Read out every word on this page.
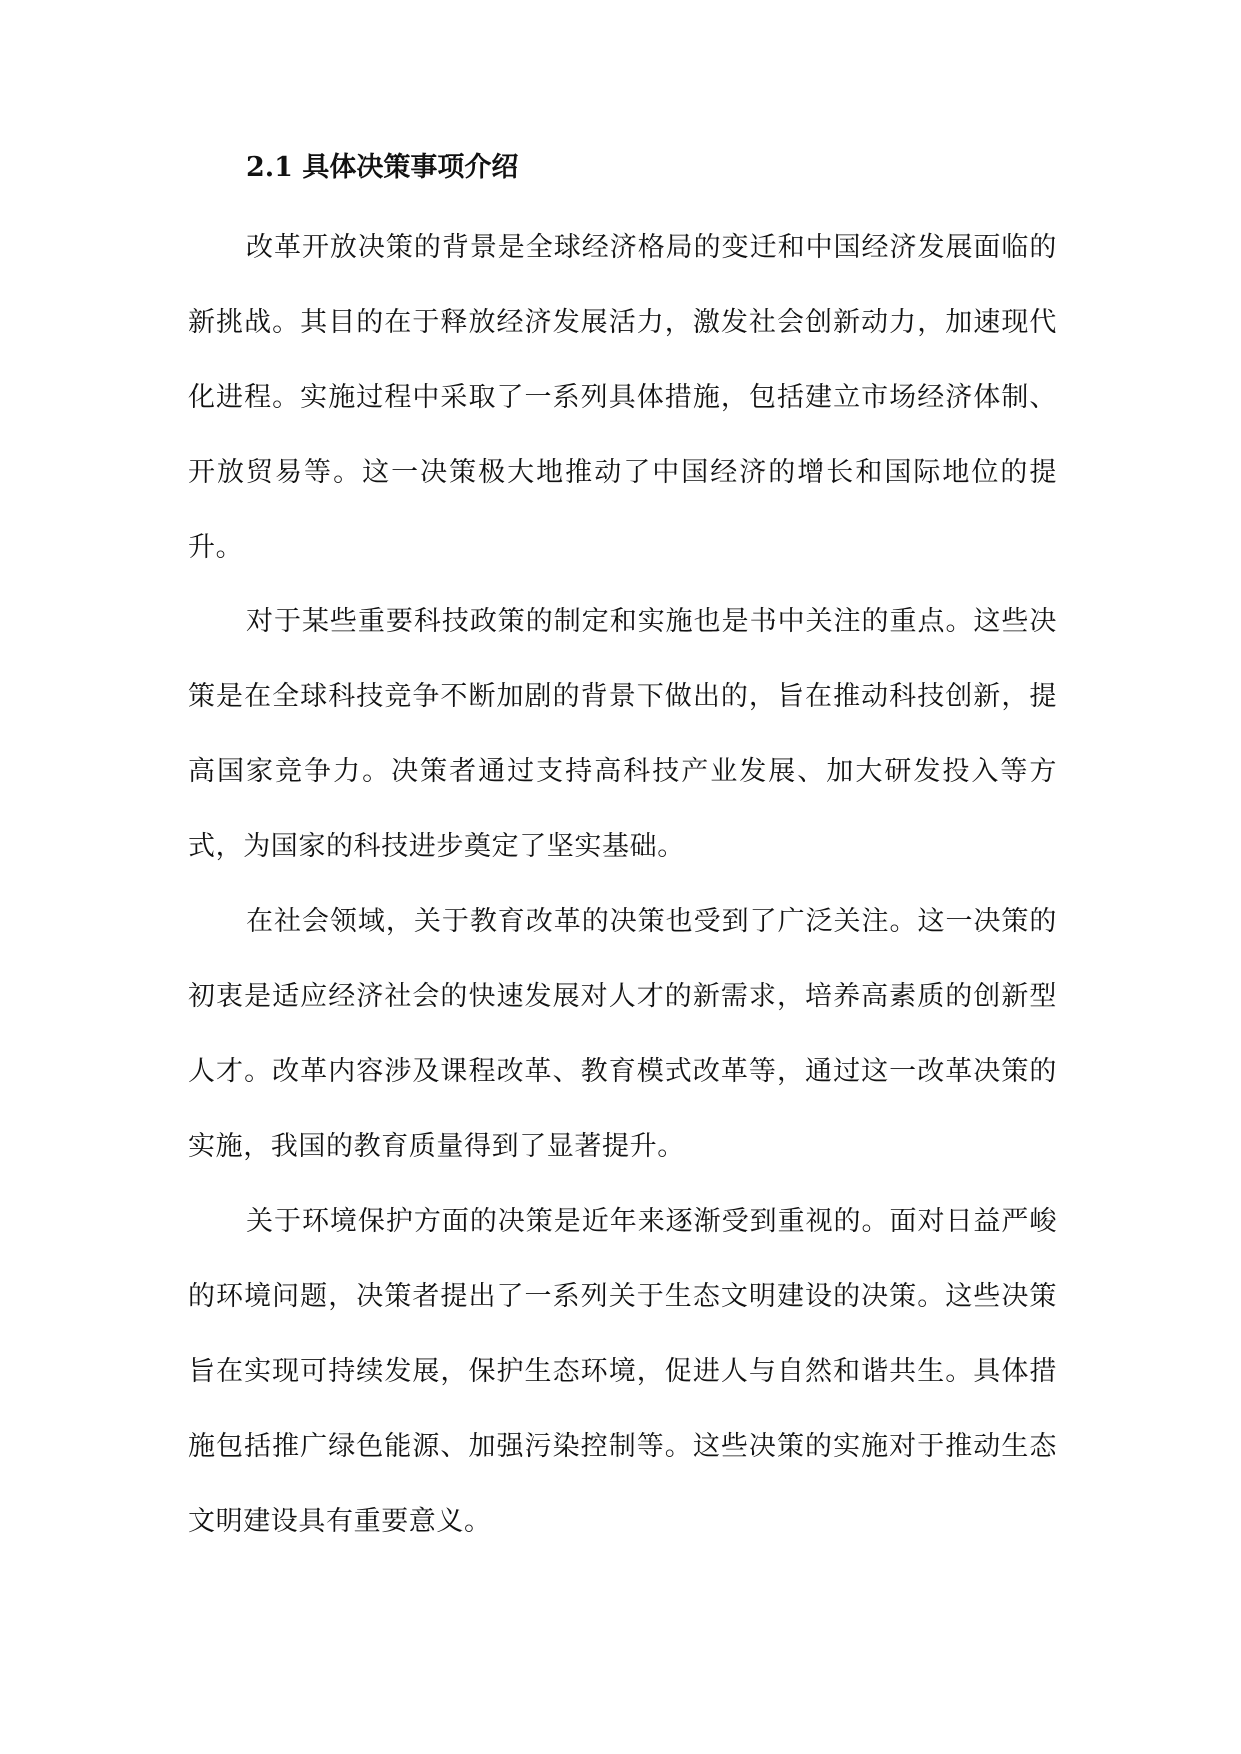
2.1 具体决策事项介绍

改革开放决策的背景是全球经济格局的变迁和中国经济发展面临的新挑战。其目的在于释放经济发展活力，激发社会创新动力，加速现代化进程。实施过程中采取了一系列具体措施，包括建立市场经济体制、开放贸易等。这一决策极大地推动了中国经济的增长和国际地位的提升。

对于某些重要科技政策的制定和实施也是书中关注的重点。这些决策是在全球科技竞争不断加剧的背景下做出的，旨在推动科技创新，提高国家竞争力。决策者通过支持高科技产业发展、加大研发投入等方式，为国家的科技进步奠定了坚实基础。

在社会领域，关于教育改革的决策也受到了广泛关注。这一决策的初衷是适应经济社会的快速发展对人才的新需求，培养高素质的创新型人才。改革内容涉及课程改革、教育模式改革等，通过这一改革决策的实施，我国的教育质量得到了显著提升。

关于环境保护方面的决策是近年来逐渐受到重视的。面对日益严峻的环境问题，决策者提出了一系列关于生态文明建设的决策。这些决策旨在实现可持续发展，保护生态环境，促进人与自然和谐共生。具体措施包括推广绿色能源、加强污染控制等。这些决策的实施对于推动生态文明建设具有重要意义。
